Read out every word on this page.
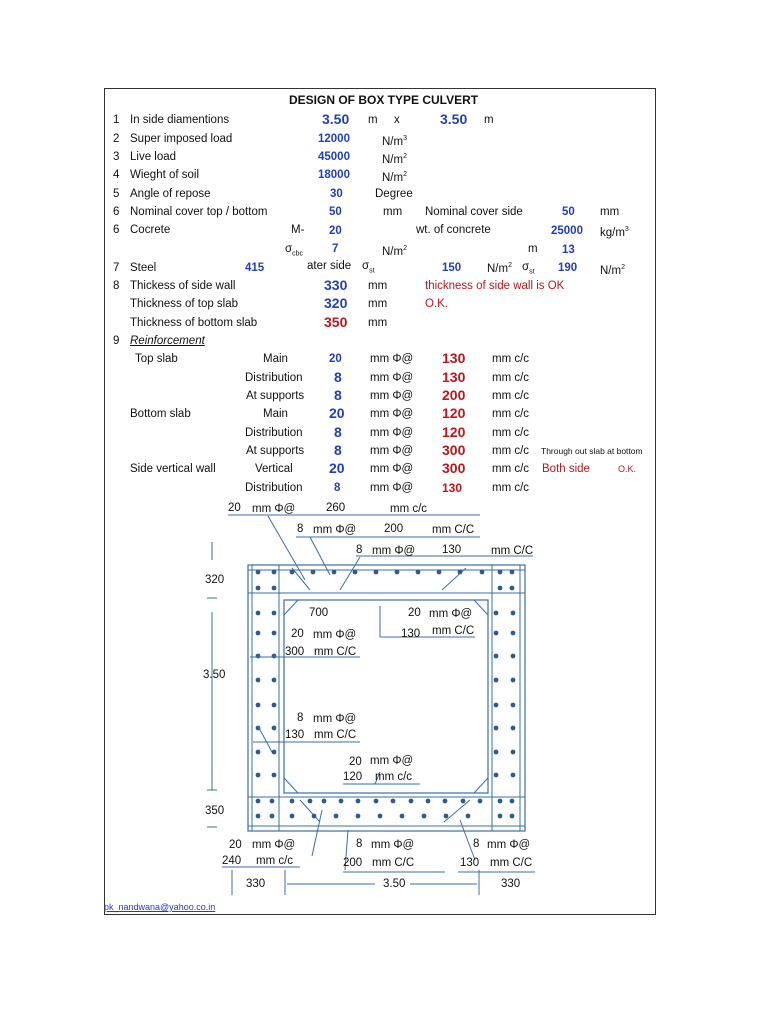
DESIGN OF BOX TYPE CULVERT
1 In side diamentions	3.50 m x	3.50 m
2 Super imposed load	12000	$N/m^3$
3 Live load	45000	$N/m^2$
4 Wieght of soil	18000	$N/m^2$
5 Angle of repose	30	Degree
6 Nominal cover top / bottom	50	mm Nominal cover side	50 mm
6 Cocrete	M- 20	wt. of concrete	25000 $kg/m^3$
$\sigma_{cbc}$	7	$N/m^2$	m 13
7 Steel	415	ater side $\sigma_{st}$	150 $N/m^2$ $\sigma_{st}$ 190 $N/m^2$
8 Thickess of side wall	330 mm	thickness of side wall is OK
Thickness of top slab	320 mm	O.K.
Thickness of bottom slab	350 mm
9 Reinforcement
Top slab	Main	20 mm Φ@ 130 mm c/c
Distribution 8 mm Φ@ 130 mm c/c
At supports 8 mm Φ@ 200 mm c/c
Bottom slab	Main	20 mm Φ@ 120 mm c/c
Distribution 8 mm Φ@ 120 mm c/c
At supports 8 mm Φ@ 300 mm c/c Through out slab at bottom
Side vertical wall	Vertical	20 mm Φ@ 300 mm c/c Both side	O.K.
Distribution	8	mm Φ@ 130	mm c/c
20 mm Φ@	260	mm c/c
8 mm Φ@ 200	mm C/C
8 mm Φ@ 130	mm C/C
320
3.50
350
700	20 mm Φ@
130 mm C/C
20 mm Φ@
300 mm C/C
8 mm Φ@
130 mm C/C
20 mm Φ@
120 mm c/c
20 mm Φ@
240 mm c/c
8 mm Φ@
200 mm C/C
8 mm Φ@
130 mm C/C
330	3.50	330
pk_nandwana@yahoo.co.in
